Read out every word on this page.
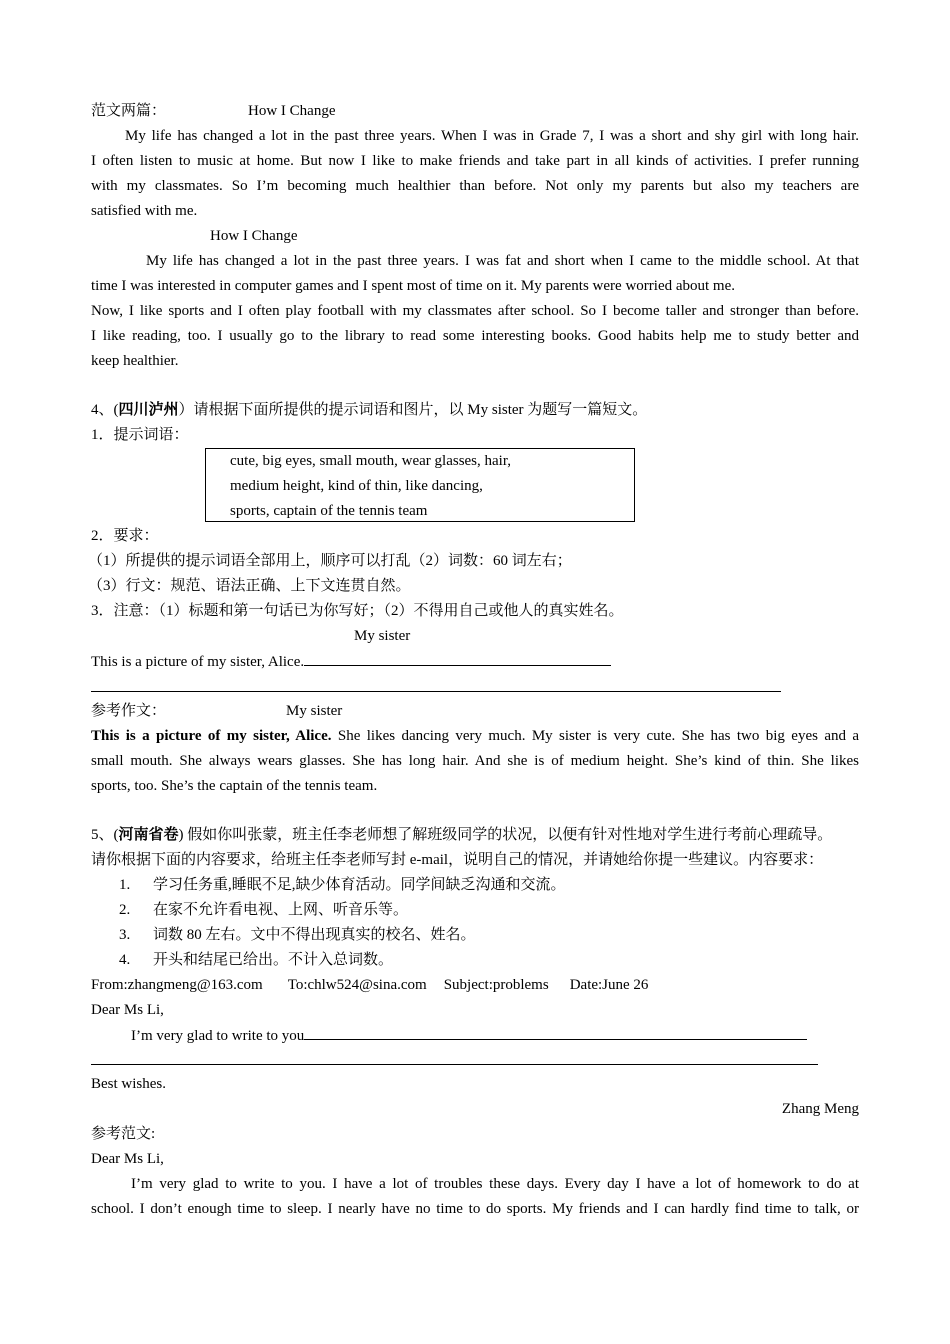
范文两篇：	How I Change
My life has changed a lot in the past three years. When I was in Grade 7, I was a short and shy girl with long hair.
I often listen to music at home. But now I like to make friends and take part in all kinds of activities. I prefer running
with my classmates. So I’m becoming much healthier than before. Not only my parents but also my teachers are
satisfied with me.
How I Change
My life has changed a lot in the past three years. I was fat and short when I came to the middle school. At that
time I was interested in computer games and I spent most of time on it. My parents were worried about me.
Now, I like sports and I often play football with my classmates after school. So I become taller and stronger than before.
I like reading, too. I usually go to the library to read some interesting books. Good habits help me to study better and
keep healthier.
4、(四川泸州）请根据下面所提供的提示词语和图片，以 My sister 为题写一篇短文。
1．提示词语：
cute, big eyes, small mouth, wear glasses, hair,
medium height, kind of thin, like dancing,
sports, captain of the tennis team
2．要求：
（1）所提供的提示词语全部用上，顺序可以打乱（2）词数：60 词左右；
（3）行文：规范、语法正确、上下文连贯自然。
3．注意：（1）标题和第一句话已为你写好；（2）不得用自己或他人的真实姓名。
My sister
This is a picture of my sister, Alice.
参考作文：	My sister
This is a picture of my sister, Alice. She likes dancing very much. My sister is very cute. She has two big eyes and a
small mouth. She always wears glasses. She has long hair. And she is of medium height. She’s kind of thin. She likes
sports, too. She’s the captain of the tennis team.
5、(河南省卷) 假如你叫张蒙，班主任李老师想了解班级同学的状况，以便有针对性地对学生进行考前心理疏导。
请你根据下面的内容要求，给班主任李老师写封 e-mail，说明自己的情况，并请她给你提一些建议。内容要求：
1. 学习任务重,睡眠不足,缺少体育活动。同学间缺乏沟通和交流。
2. 在家不允许看电视、上网、听音乐等。
3. 词数 80 左右。文中不得出现真实的校名、姓名。
4. 开头和结尾已给出。不计入总词数。
From:zhangmeng@163.com To:chlw524@sina.com Subject:problems Date:June 26
Dear Ms Li,
I’m very glad to write to you
Best wishes.
Zhang Meng
参考范文:
Dear Ms Li,
I’m very glad to write to you. I have a lot of troubles these days. Every day I have a lot of homework to do at
school. I don’t enough time to sleep. I nearly have no time to do sports. My friends and I can hardly find time to talk, or
